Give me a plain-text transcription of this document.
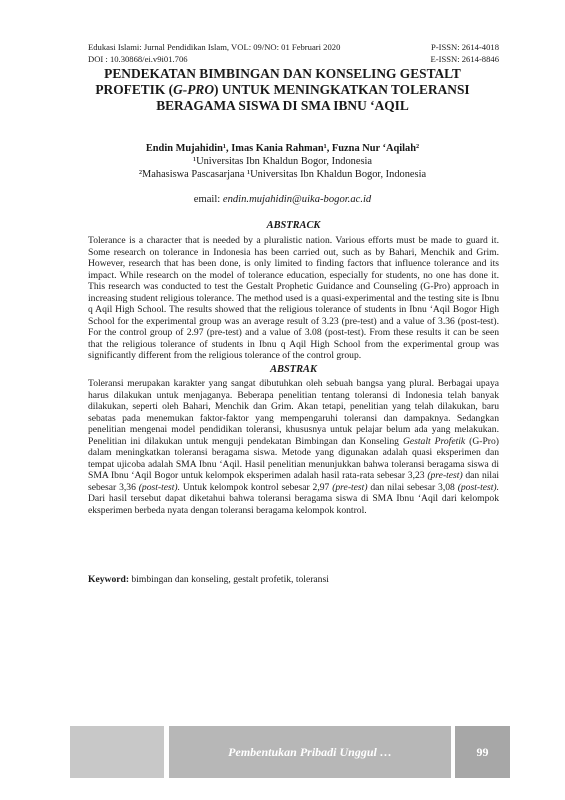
Edukasi Islami: Jurnal Pendidikan Islam, VOL: 09/NO: 01 Februari 2020	P-ISSN: 2614-4018
DOI : 10.30868/ei.v9i01.706	E-ISSN: 2614-8846

PENDEKATAN BIMBINGAN DAN KONSELING GESTALT

PROFETIK (G-PRO) UNTUK MENINGKATKAN TOLERANSI

BERAGAMA SISWA DI SMA IBNU ‘AQIL

Endin Mujahidin¹, Imas Kania Rahman¹, Fuzna Nur ‘Aqilah²
¹Universitas Ibn Khaldun Bogor, Indonesia
²Mahasiswa Pascasarjana ¹Universitas Ibn Khaldun Bogor, Indonesia
email: endin.mujahidin@uika-bogor.ac.id
ABSTRACK

Tolerance is a character that is needed by a pluralistic nation. Various efforts must be made to guard it. Some research on tolerance in Indonesia has been carried out, such as by Bahari, Menchik and Grim. However, research that has been done, is only limited to finding factors that influence tolerance and its impact. While research on the model of tolerance education, especially for students, no one has done it. This research was conducted to test the Gestalt Prophetic Guidance and Counseling (G-Pro) approach in increasing student religious tolerance. The method used is a quasi-experimental and the testing site is Ibnu q Aqil High School. The results showed that the religious tolerance of students in Ibnu ‘Aqil Bogor High School for the experimental group was an average result of 3.23 (pre-test) and a value of 3.36 (post-test). For the control group of 2.97 (pre-test) and a value of 3.08 (post-test). From these results it can be seen that the religious tolerance of students in Ibnu q Aqil High School from the experimental group was significantly different from the religious tolerance of the control group.

ABSTRAK

Toleransi merupakan karakter yang sangat dibutuhkan oleh sebuah bangsa yang plural. Berbagai upaya harus dilakukan untuk menjaganya. Beberapa penelitian tentang toleransi di Indonesia telah banyak dilakukan, seperti oleh Bahari, Menchik dan Grim. Akan tetapi, penelitian yang telah dilakukan, baru sebatas pada menemukan faktor-faktor yang mempengaruhi toleransi dan dampaknya. Sedangkan penelitian mengenai model pendidikan toleransi, khususnya untuk pelajar belum ada yang melakukan. Penelitian ini dilakukan untuk menguji pendekatan Bimbingan dan Konseling Gestalt Profetik (G-Pro) dalam meningkatkan toleransi beragama siswa. Metode yang digunakan adalah quasi eksperimen dan tempat ujicoba adalah SMA Ibnu ‘Aqil. Hasil penelitian menunjukkan bahwa toleransi beragama siswa di SMA Ibnu ‘Aqil Bogor untuk kelompok eksperimen adalah hasil rata-rata sebesar 3,23 (pre-test) dan nilai sebesar 3,36 (post-test). Untuk kelompok kontrol sebesar 2,97 (pre-test) dan nilai sebesar 3,08 (post-test). Dari hasil tersebut dapat diketahui bahwa toleransi beragama siswa di SMA Ibnu ‘Aqil dari kelompok eksperimen berbeda nyata dengan toleransi beragama kelompok kontrol.

Keyword: bimbingan dan konseling, gestalt profetik, toleransi

Pembentukan Pribadi Unggul …	99
